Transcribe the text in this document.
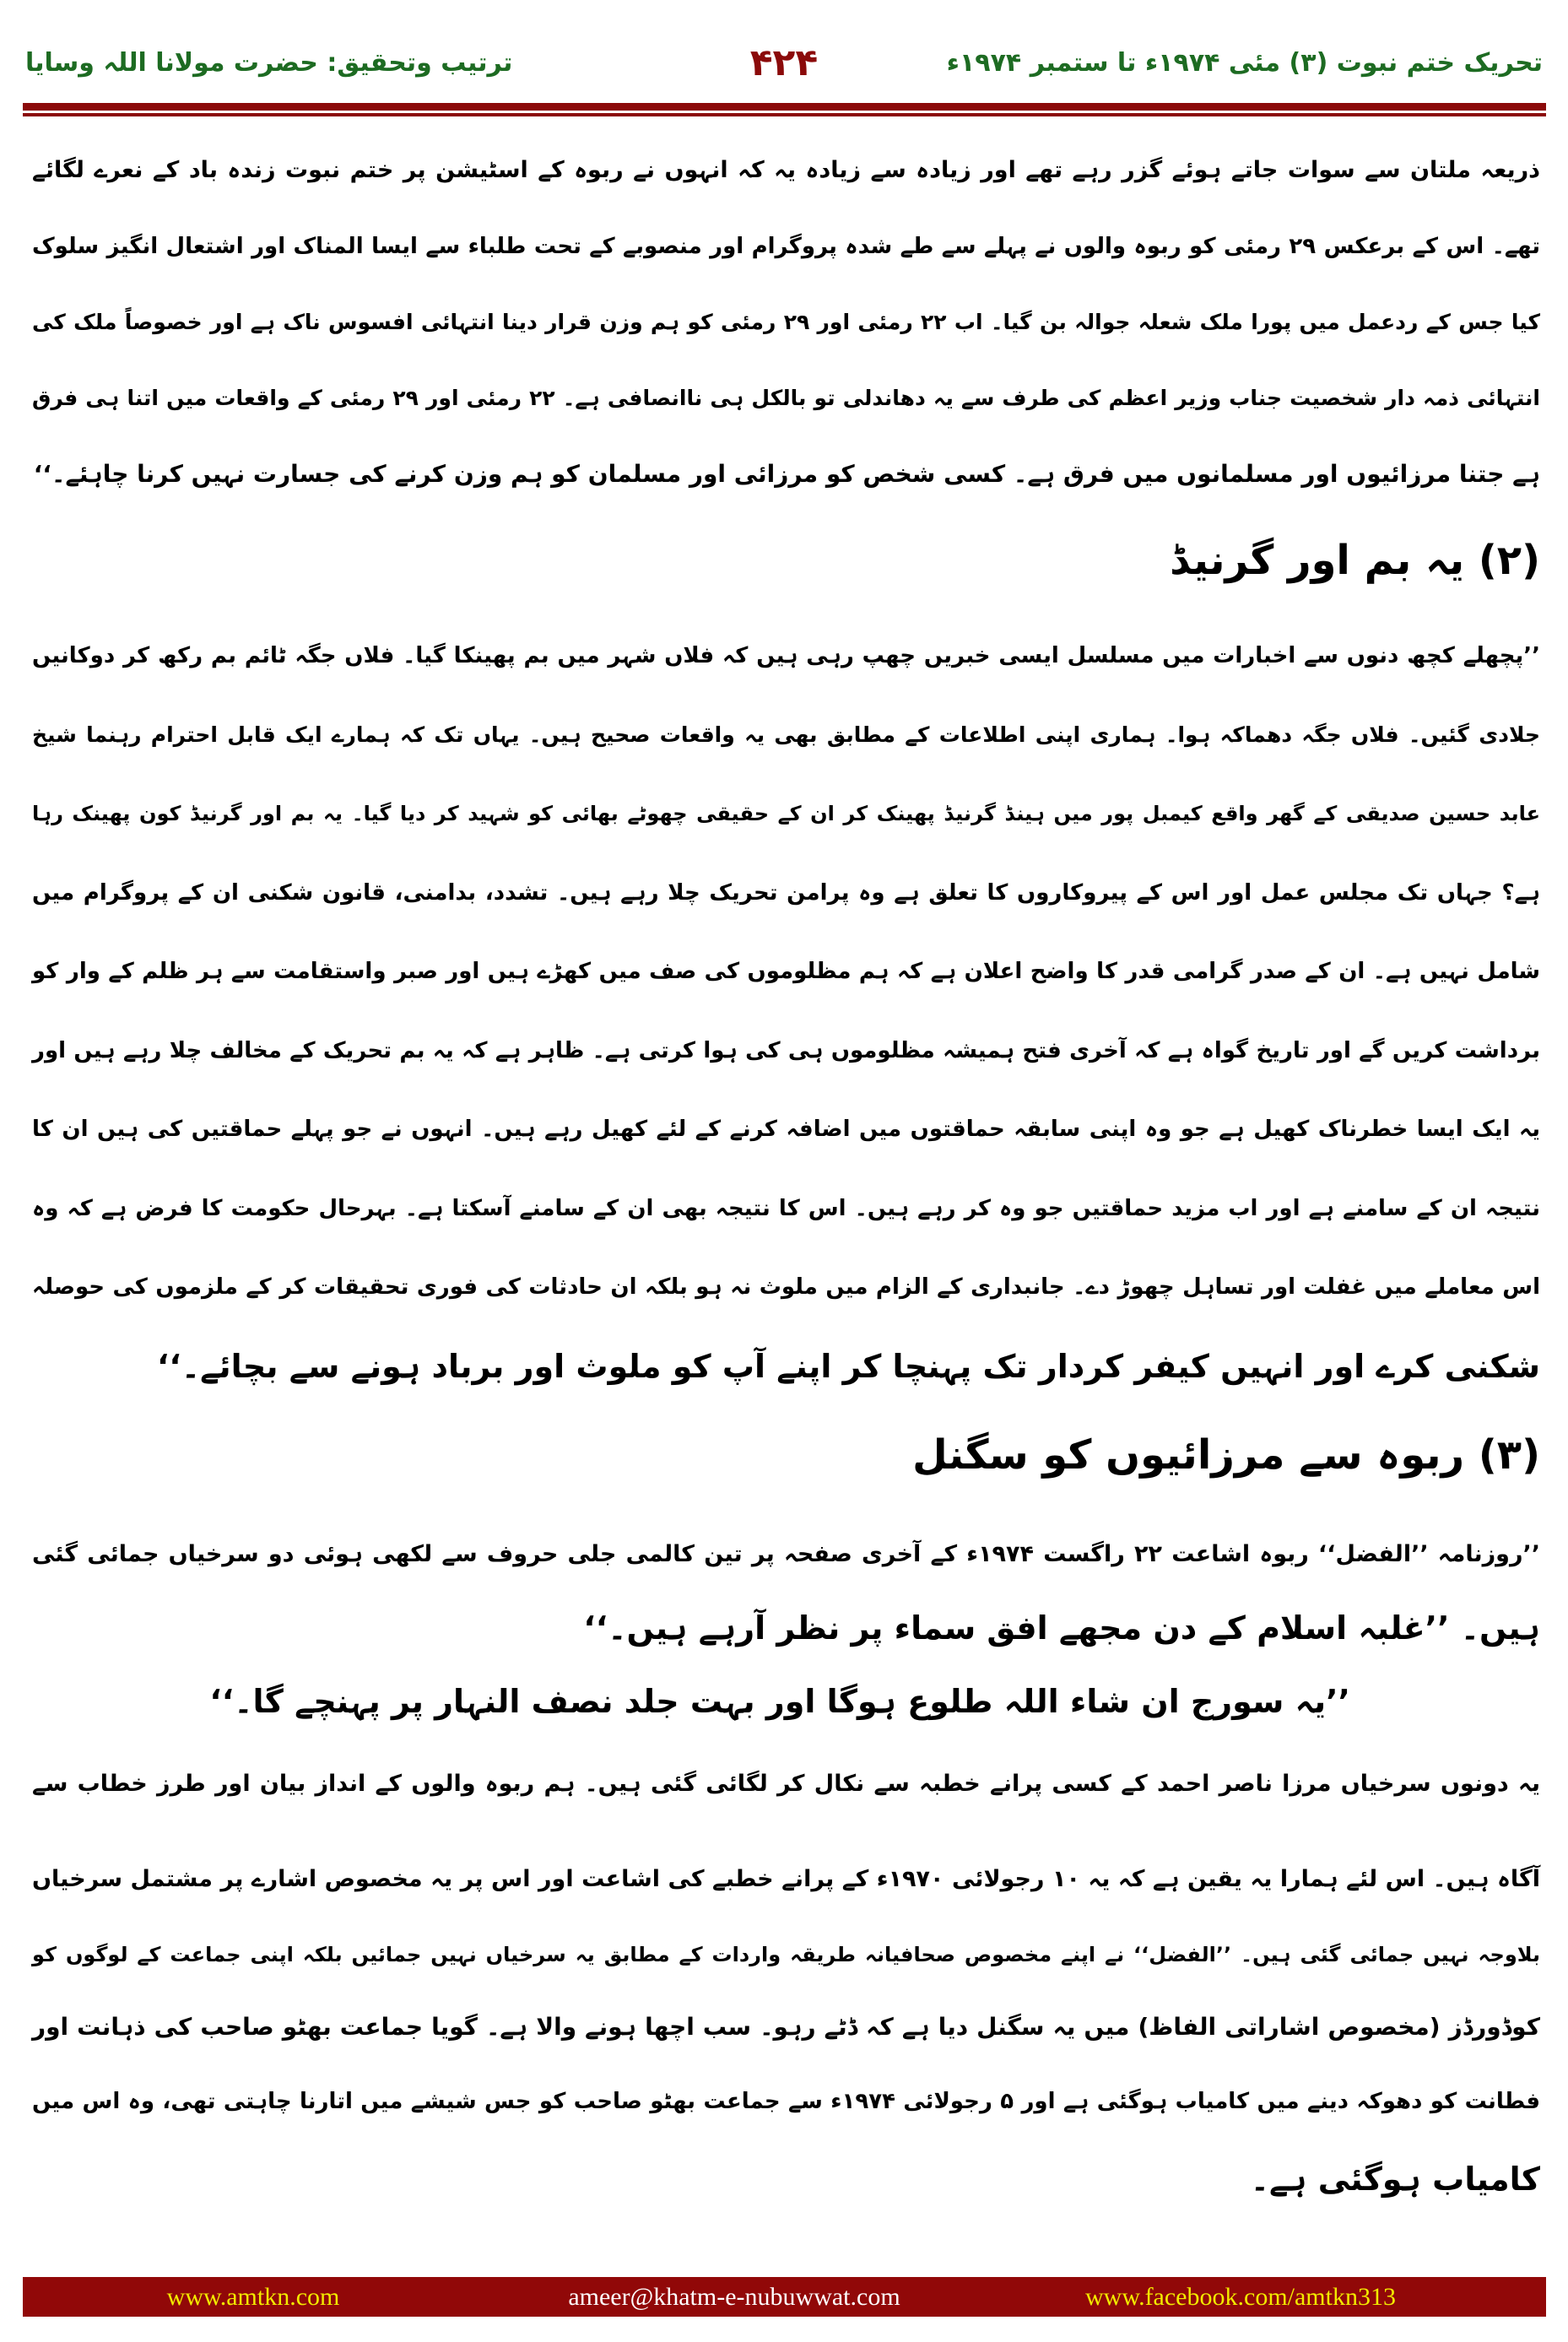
تحریک ختم نبوت (۳) مئی ۱۹۷۴ء تا ستمبر ۱۹۷۴ء
۴۲۴
ترتیب وتحقیق: حضرت مولانا اللہ وسایا
ذریعہ ملتان سے سوات جاتے ہوئے گزر رہے تھے اور زیادہ سے زیادہ یہ کہ انہوں نے ربوہ کے اسٹیشن پر ختم نبوت زندہ باد کے نعرے لگائے
تھے۔ اس کے برعکس ۲۹ رمئی کو ربوہ والوں نے پہلے سے طے شدہ پروگرام اور منصوبے کے تحت طلباء سے ایسا المناک اور اشتعال انگیز سلوک
کیا جس کے ردعمل میں پورا ملک شعلہ جوالہ بن گیا۔ اب ۲۲ رمئی اور ۲۹ رمئی کو ہم وزن قرار دینا انتہائی افسوس ناک ہے اور خصوصاً ملک کی
انتہائی ذمہ دار شخصیت جناب وزیر اعظم کی طرف سے یہ دھاندلی تو بالکل ہی ناانصافی ہے۔ ۲۲ رمئی اور ۲۹ رمئی کے واقعات میں اتنا ہی فرق
ہے جتنا مرزائیوں اور مسلمانوں میں فرق ہے۔ کسی شخص کو مرزائی اور مسلمان کو ہم وزن کرنے کی جسارت نہیں کرنا چاہئے۔‘‘
(۲) یہ بم اور گرنیڈ
’’پچھلے کچھ دنوں سے اخبارات میں مسلسل ایسی خبریں چھپ رہی ہیں کہ فلاں شہر میں بم پھینکا گیا۔ فلاں جگہ ٹائم بم رکھ کر دوکانیں
جلادی گئیں۔ فلاں جگہ دھماکہ ہوا۔ ہماری اپنی اطلاعات کے مطابق بھی یہ واقعات صحیح ہیں۔ یہاں تک کہ ہمارے ایک قابل احترام رہنما شیخ
عابد حسین صدیقی کے گھر واقع کیمبل پور میں ہینڈ گرنیڈ پھینک کر ان کے حقیقی چھوٹے بھائی کو شہید کر دیا گیا۔ یہ بم اور گرنیڈ کون پھینک رہا
ہے؟ جہاں تک مجلس عمل اور اس کے پیروکاروں کا تعلق ہے وہ پرامن تحریک چلا رہے ہیں۔ تشدد، بدامنی، قانون شکنی ان کے پروگرام میں
شامل نہیں ہے۔ ان کے صدر گرامی قدر کا واضح اعلان ہے کہ ہم مظلوموں کی صف میں کھڑے ہیں اور صبر واستقامت سے ہر ظلم کے وار کو
برداشت کریں گے اور تاریخ گواہ ہے کہ آخری فتح ہمیشہ مظلوموں ہی کی ہوا کرتی ہے۔ ظاہر ہے کہ یہ بم تحریک کے مخالف چلا رہے ہیں اور
یہ ایک ایسا خطرناک کھیل ہے جو وہ اپنی سابقہ حماقتوں میں اضافہ کرنے کے لئے کھیل رہے ہیں۔ انہوں نے جو پہلے حماقتیں کی ہیں ان کا
نتیجہ ان کے سامنے ہے اور اب مزید حماقتیں جو وہ کر رہے ہیں۔ اس کا نتیجہ بھی ان کے سامنے آسکتا ہے۔ بہرحال حکومت کا فرض ہے کہ وہ
اس معاملے میں غفلت اور تساہل چھوڑ دے۔ جانبداری کے الزام میں ملوث نہ ہو بلکہ ان حادثات کی فوری تحقیقات کر کے ملزموں کی حوصلہ
شکنی کرے اور انہیں کیفر کردار تک پہنچا کر اپنے آپ کو ملوث اور برباد ہونے سے بچائے۔‘‘
(۳) ربوہ سے مرزائیوں کو سگنل
’’روزنامہ ’’الفضل‘‘ ربوہ اشاعت ۲۲ راگست ۱۹۷۴ء کے آخری صفحہ پر تین کالمی جلی حروف سے لکھی ہوئی دو سرخیاں جمائی گئی
ہیں۔ ’’غلبہ اسلام کے دن مجھے افق سماء پر نظر آرہے ہیں۔‘‘
’’یہ سورج ان شاء اللہ طلوع ہوگا اور بہت جلد نصف النہار پر پہنچے گا۔‘‘
یہ دونوں سرخیاں مرزا ناصر احمد کے کسی پرانے خطبہ سے نکال کر لگائی گئی ہیں۔ ہم ربوہ والوں کے انداز بیان اور طرز خطاب سے
آگاہ ہیں۔ اس لئے ہمارا یہ یقین ہے کہ یہ ۱۰ رجولائی ۱۹۷۰ء کے پرانے خطبے کی اشاعت اور اس پر یہ مخصوص اشارے پر مشتمل سرخیاں
بلاوجہ نہیں جمائی گئی ہیں۔ ’’الفضل‘‘ نے اپنے مخصوص صحافیانہ طریقہ واردات کے مطابق یہ سرخیاں نہیں جمائیں بلکہ اپنی جماعت کے لوگوں کو
کوڈورڈز (مخصوص اشاراتی الفاظ) میں یہ سگنل دیا ہے کہ ڈٹے رہو۔ سب اچھا ہونے والا ہے۔ گویا جماعت بھٹو صاحب کی ذہانت اور
فطانت کو دھوکہ دینے میں کامیاب ہوگئی ہے اور ۵ رجولائی ۱۹۷۴ء سے جماعت بھٹو صاحب کو جس شیشے میں اتارنا چاہتی تھی، وہ اس میں
کامیاب ہوگئی ہے۔
www.amtkn.com	ameer@khatm-e-nubuwwat.com	www.facebook.com/amtkn313
